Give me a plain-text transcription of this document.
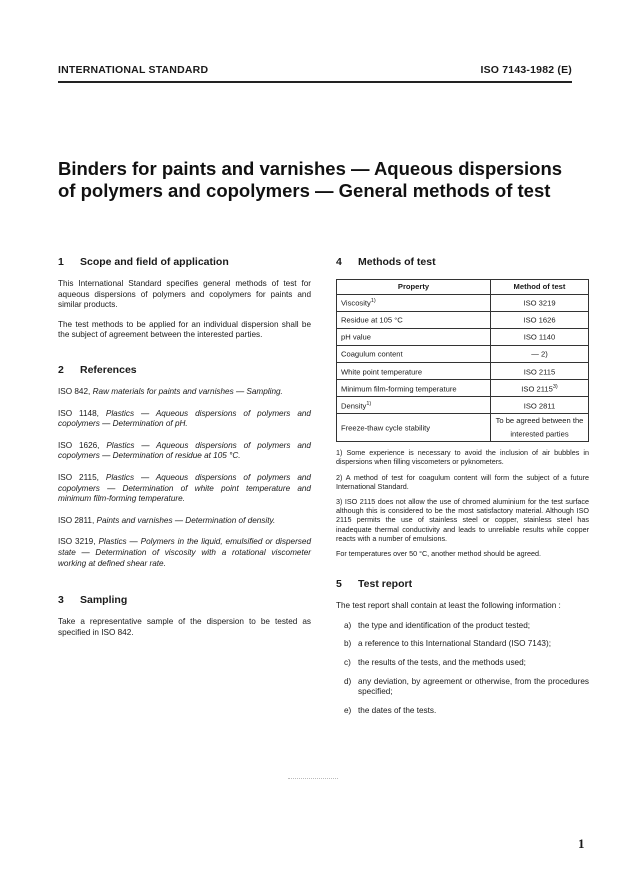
INTERNATIONAL STANDARD	ISO 7143-1982 (E)
Binders for paints and varnishes — Aqueous dispersions
of polymers and copolymers — General methods of test
1 Scope and field of application

This International Standard specifies general methods of test for aqueous dispersions of polymers and copolymers for paints and similar products.

The test methods to be applied for an individual dispersion shall be the subject of agreement between the interested parties.

2 References
ISO 842, Raw materials for paints and varnishes — Sampling.
ISO 1148, Plastics — Aqueous dispersions of polymers and copolymers — Determination of pH.
ISO 1626, Plastics — Aqueous dispersions of polymers and copolymers — Determination of residue at 105 °C.
ISO 2115, Plastics — Aqueous dispersions of polymers and copolymers — Determination of white point temperature and minimum film-forming temperature.
ISO 2811, Paints and varnishes — Determination of density.
ISO 3219, Plastics — Polymers in the liquid, emulsified or dispersed state — Determination of viscosity with a rotational viscometer working at defined shear rate.
3 Sampling

Take a representative sample of the dispersion to be tested as specified in ISO 842.

4 Methods of test
Property	Method of test
Viscosity$^{1)}$	ISO 3219
Residue at 105 °C	ISO 1626
pH value	ISO 1140
Coagulum content	— 2)
White point temperature	ISO 2115
Minimum film-forming temperature	ISO 2115$^{3)}$
Density$^{1)}$	ISO 2811
Freeze-thaw cycle stability	To be agreed between the interested parties

1) Some experience is necessary to avoid the inclusion of air bubbles in dispersions when filling viscometers or pyknometers.

2) A method of test for coagulum content will form the subject of a future International Standard.

3) ISO 2115 does not allow the use of chromed aluminium for the test surface although this is considered to be the most satisfactory material. Although ISO 2115 permits the use of stainless steel or copper, stainless steel has inadequate thermal conductivity and leads to unreliable results while copper reacts with a number of emulsions.

For temperatures over 50 °C, another method should be agreed.

5 Test report

The test report shall contain at least the following information :

a) the type and identification of the product tested;
b) a reference to this International Standard (ISO 7143);
c) the results of the tests, and the methods used;
d) any deviation, by agreement or otherwise, from the procedures specified;
e) the dates of the tests.
1
